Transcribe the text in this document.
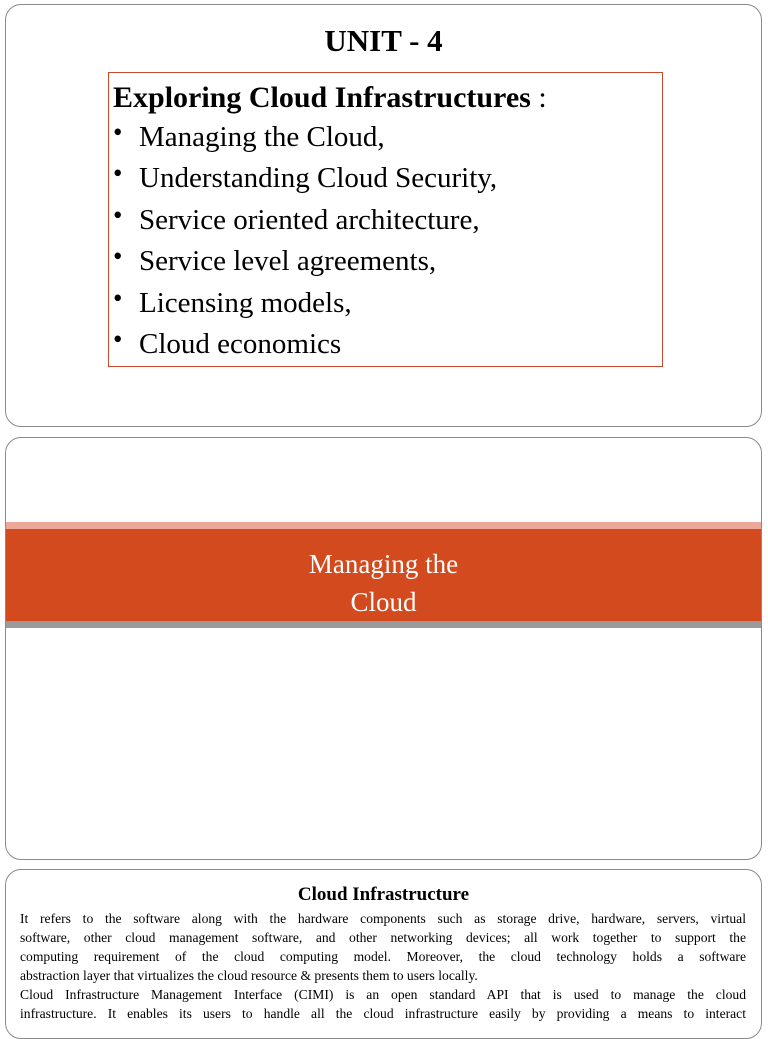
UNIT - 4
Exploring Cloud Infrastructures :
• Managing the Cloud,
• Understanding Cloud Security,
• Service oriented architecture,
• Service level agreements,
• Licensing models,
• Cloud economics
Managing the
Cloud
Cloud Infrastructure
It refers to the software along with the hardware components such as storage drive, hardware, servers, virtual
software, other cloud management software, and other networking devices; all work together to support the
computing requirement of the cloud computing model. Moreover, the cloud technology holds a software
abstraction layer that virtualizes the cloud resource & presents them to users locally.
Cloud Infrastructure Management Interface (CIMI) is an open standard API that is used to manage the cloud
infrastructure. It enables its users to handle all the cloud infrastructure easily by providing a means to interact
